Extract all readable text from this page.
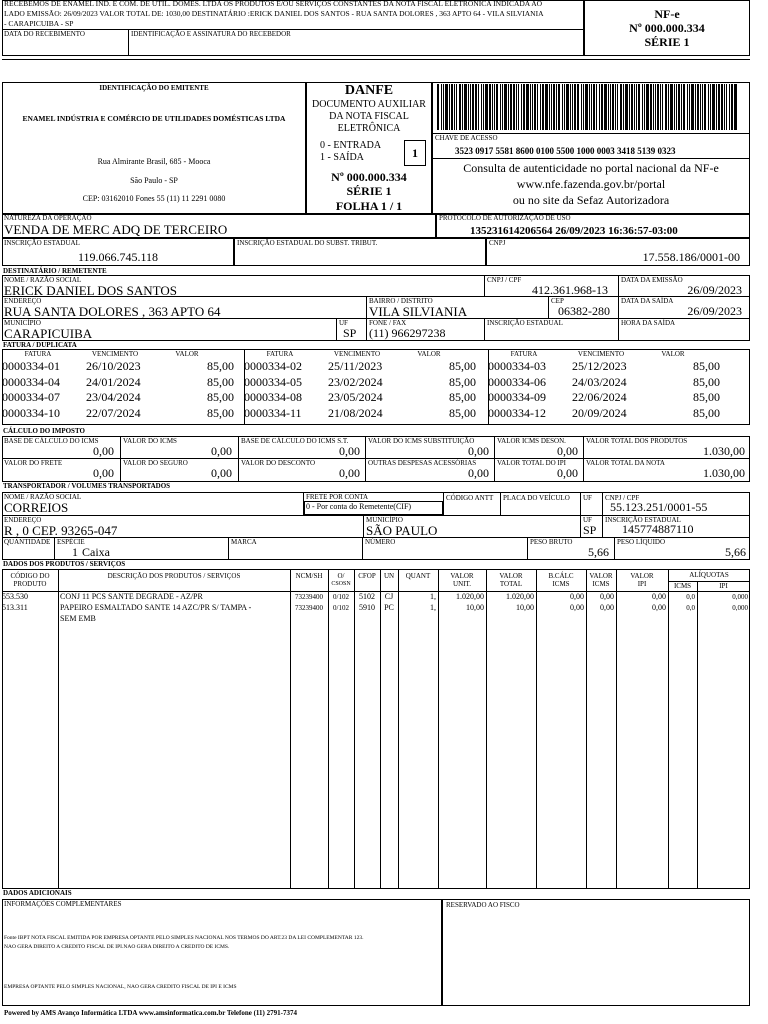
RECEBEMOS DE ENAMEL IND. E COM. DE UTIL. DOMES. LTDA OS PRODUTOS E/OU SERVIÇOS CONSTANTES DA NOTA FISCAL ELETRÔNICA INDICADA AO
LADO EMISSÃO: 26/09/2023 VALOR TOTAL DE: 1030,00 DESTINATÁRIO :ERICK DANIEL DOS SANTOS - RUA SANTA DOLORES , 363 APTO 64 - VILA SILVIANIA
- CARAPICUIBA - SP
DATA DO RECEBIMENTO	IDENTIFICAÇÃO E ASSINATURA DO RECEBEDOR
NF-e
Nº 000.000.334
SÉRIE 1
IDENTIFICAÇÃO DO EMITENTE
ENAMEL INDÚSTRIA E COMÉRCIO DE UTILIDADES DOMÉSTICAS LTDA
Rua Almirante Brasil, 685 - Mooca
São Paulo - SP
CEP: 03162010 Fones 55 (11) 11 2291 0080
DANFE
DOCUMENTO AUXILIAR
DA NOTA FISCAL
ELETRÔNICA
0 - ENTRADA
1 - SAÍDA	1
Nº 000.000.334
SÉRIE 1
FOLHA 1 / 1
CHAVE DE ACESSO
3523 0917 5581 8600 0100 5500 1000 0003 3418 5139 0323
Consulta de autenticidade no portal nacional da NF-e
www.nfe.fazenda.gov.br/portal
ou no site da Sefaz Autorizadora
NATUREZA DA OPERAÇÃO
VENDA DE MERC ADQ DE TERCEIRO
PROTOCOLO DE AUTORIZAÇÃO DE USO
135231614206564 26/09/2023 16:36:57-03:00
INSCRIÇÃO ESTADUAL
119.066.745.118
INSCRIÇÃO ESTADUAL DO SUBST. TRIBUT.	CNPJ
17.558.186/0001-00
DESTINATÁRIO / REMETENTE
NOME / RAZÃO SOCIAL
ERICK DANIEL DOS SANTOS
CNPJ / CPF
412.361.968-13
DATA DA EMISSÃO
26/09/2023
ENDEREÇO
RUA SANTA DOLORES , 363 APTO 64
BAIRRO / DISTRITO
VILA SILVIANIA
CEP
06382-280
DATA DA SAÍDA
26/09/2023
MUNICÍPIO
CARAPICUIBA
UF
SP
FONE / FAX
(11) 966297238
INSCRIÇÃO ESTADUAL	HORA DA SAÍDA
FATURA / DUPLICATA
FATURA	VENCIMENTO	VALOR
0000334-01	26/10/2023	85,00
0000334-04	24/01/2024	85,00
0000334-07	23/04/2024	85,00
0000334-10	22/07/2024	85,00
FATURA	VENCIMENTO	VALOR
0000334-02	25/11/2023	85,00
0000334-05	23/02/2024	85,00
0000334-08	23/05/2024	85,00
0000334-11	21/08/2024	85,00
FATURA	VENCIMENTO	VALOR
0000334-03	25/12/2023	85,00
0000334-06	24/03/2024	85,00
0000334-09	22/06/2024	85,00
0000334-12	20/09/2024	85,00
CÁLCULO DO IMPOSTO
BASE DE CÁLCULO DO ICMS
0,00
VALOR DO ICMS
0,00
BASE DE CÁLCULO DO ICMS S.T.
0,00
VALOR DO ICMS SUBSTITUIÇÃO
0,00
VALOR ICMS DESON.
0,00
VALOR TOTAL DOS PRODUTOS
1.030,00
VALOR DO FRETE
0,00
VALOR DO SEGURO
0,00
VALOR DO DESCONTO
0,00
OUTRAS DESPESAS ACESSÓRIAS
0,00
VALOR TOTAL DO IPI
0,00
VALOR TOTAL DA NOTA
1.030,00
TRANSPORTADOR / VOLUMES TRANSPORTADOS
NOME / RAZÃO SOCIAL
CORREIOS
FRETE POR CONTA
0 - Por conta do Remetente(CIF)
CÓDIGO ANTT PLACA DO VEÍCULO UF CNPJ / CPF
55.123.251/0001-55
ENDEREÇO
R , 0 CEP. 93265-047
MUNICÍPIO
SÃO PAULO
UF
SP
INSCRIÇÃO ESTADUAL
145774887110
QUANTIDADE
1
ESPÉCIE
Caixa
MARCA	NÚMERO	PESO BRUTO
5,66
PESO LÍQUIDO
5,66
DADOS DOS PRODUTOS / SERVIÇOS
CÓDIGO DO
PRODUTO
DESCRIÇÃO DOS PRODUTOS / SERVIÇOS	NCM/SH	O/
CSOSN
CFOP	UN	QUANT	VALOR
UNIT.
VALOR
TOTAL
B.CÁLC
ICMS
VALOR
ICMS
VALOR
IPI
ALÍQUOTAS
ICMS	IPI
553.530	73239400	0/102	5102	CJ	1,	1.020,00	1.020,00	0,00	0,00	0,00	0,0	0,000
CONJ 11 PCS SANTE DEGRADE - AZ/PR
513.311	73239400	0/102	5910	PC	1,	10,00	10,00	0,00	0,00	0,00	0,0	0,000
PAPEIRO ESMALTADO SANTE 14 AZC/PR S/ TAMPA -
SEM EMB
DADOS ADICIONAIS
INFORMAÇÕES COMPLEMENTARES
Fonte IBPT NOTA FISCAL EMITIDA POR EMPRESA OPTANTE PELO SIMPLES NACIONAL NOS TERMOS DO ART.23 DA LEI COMPLEMENTAR 123.
NAO GERA DIREITO A CREDITO FISCAL DE IPI.NAO GERA DIREITO A CREDITO DE ICMS.
EMPRESA OPTANTE PELO SIMPLES NACIONAL, NAO GERA CREDITO FISCAL DE IPI E ICMS
RESERVADO AO FISCO
Powered by AMS Avanço Informática LTDA www.amsinformatica.com.br Telefone (11) 2791-7374
